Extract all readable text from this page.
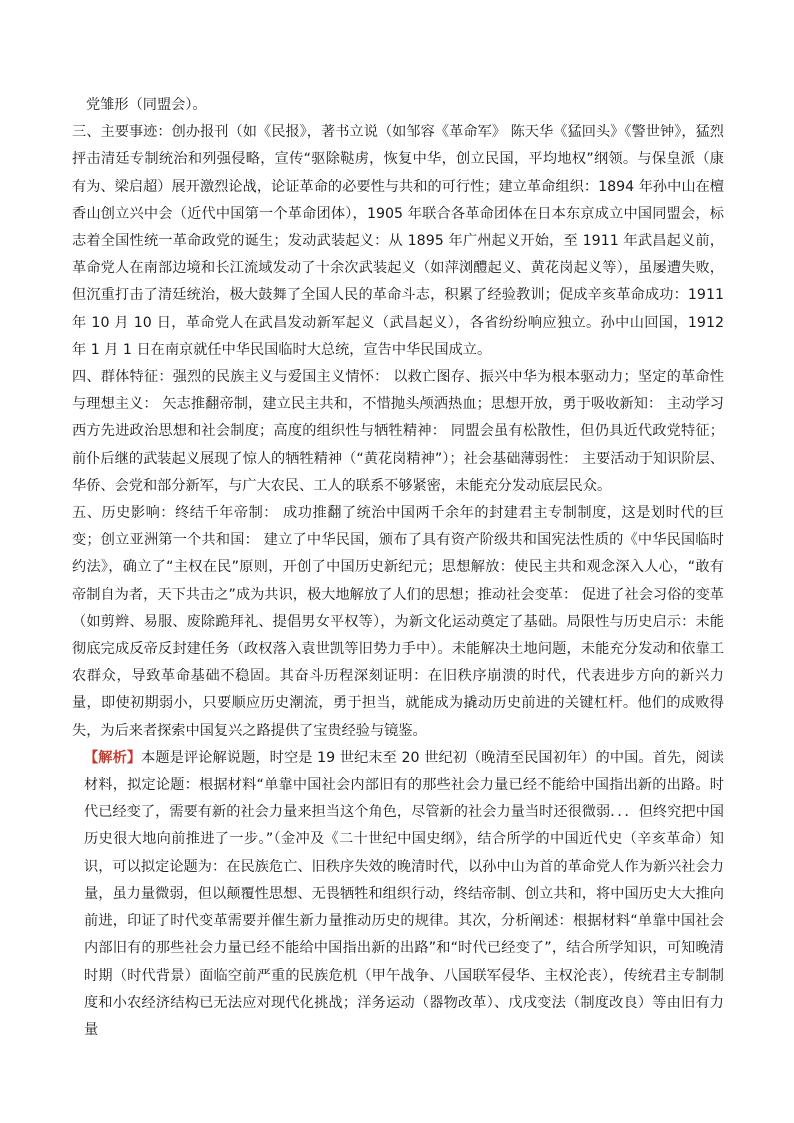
党雏形（同盟会）。

三、主要事迹：创办报刊（如《民报》，著书立说（如邹容《革命军》 陈天华《猛回头》《警世钟》，猛烈抨击清廷专制统治和列强侵略，宣传“驱除鞑虏，恢复中华，创立民国，平均地权”纲领。与保皇派（康有为、梁启超）展开激烈论战，论证革命的必要性与共和的可行性；建立革命组织：1894 年孙中山在檀香山创立兴中会（近代中国第一个革命团体），1905 年联合各革命团体在日本东京成立中国同盟会，标志着全国性统一革命政党的诞生；发动武装起义：从 1895 年广州起义开始，至 1911 年武昌起义前，革命党人在南部边境和长江流域发动了十余次武装起义（如萍浏醴起义、黄花岗起义等），虽屡遭失败，但沉重打击了清廷统治，极大鼓舞了全国人民的革命斗志，积累了经验教训；促成辛亥革命成功：1911 年 10 月 10 日，革命党人在武昌发动新军起义（武昌起义），各省纷纷响应独立。孙中山回国，1912 年 1 月 1 日在南京就任中华民国临时大总统，宣告中华民国成立。

四、群体特征：强烈的民族主义与爱国主义情怀： 以救亡图存、振兴中华为根本驱动力；坚定的革命性与理想主义： 矢志推翻帝制，建立民主共和，不惜抛头颅洒热血；思想开放，勇于吸收新知： 主动学习西方先进政治思想和社会制度；高度的组织性与牺牲精神： 同盟会虽有松散性，但仍具近代政党特征；前仆后继的武装起义展现了惊人的牺牲精神（“黄花岗精神”）；社会基础薄弱性： 主要活动于知识阶层、华侨、会党和部分新军，与广大农民、工人的联系不够紧密，未能充分发动底层民众。

五、历史影响：终结千年帝制： 成功推翻了统治中国两千余年的封建君主专制制度，这是划时代的巨变；创立亚洲第一个共和国： 建立了中华民国，颁布了具有资产阶级共和国宪法性质的《中华民国临时约法》，确立了“主权在民”原则，开创了中国历史新纪元；思想解放：使民主共和观念深入人心，“敢有帝制自为者，天下共击之”成为共识，极大地解放了人们的思想；推动社会变革： 促进了社会习俗的变革（如剪辫、易服、废除跪拜礼、提倡男女平权等），为新文化运动奠定了基础。局限性与历史启示：未能彻底完成反帝反封建任务（政权落入袁世凯等旧势力手中）。未能解决土地问题，未能充分发动和依靠工农群众，导致革命基础不稳固。其奋斗历程深刻证明：在旧秩序崩溃的时代，代表进步方向的新兴力量，即使初期弱小，只要顺应历史潮流，勇于担当，就能成为撬动历史前进的关键杠杆。他们的成败得失，为后来者探索中国复兴之路提供了宝贵经验与镜鉴。

【解析】本题是评论解说题，时空是 19 世纪末至 20 世纪初（晚清至民国初年）的中国。首先，阅读材料，拟定论题：根据材料“单靠中国社会内部旧有的那些社会力量已经不能给中国指出新的出路。时代已经变了，需要有新的社会力量来担当这个角色，尽管新的社会力量当时还很微弱．．．但终究把中国历史很大地向前推进了一步。”（金冲及《二十世纪中国史纲》，结合所学的中国近代史（辛亥革命）知识，可以拟定论题为：在民族危亡、旧秩序失效的晚清时代，以孙中山为首的革命党人作为新兴社会力量，虽力量微弱，但以颠覆性思想、无畏牺牲和组织行动，终结帝制、创立共和，将中国历史大大推向前进，印证了时代变革需要并催生新力量推动历史的规律。其次，分析阐述：根据材料“单靠中国社会内部旧有的那些社会力量已经不能给中国指出新的出路”和“时代已经变了”，结合所学知识，可知晚清时期（时代背景）面临空前严重的民族危机（甲午战争、八国联军侵华、主权沦丧），传统君主专制制度和小农经济结构已无法应对现代化挑战；洋务运动（器物改革）、戊戌变法（制度改良）等由旧有力量
